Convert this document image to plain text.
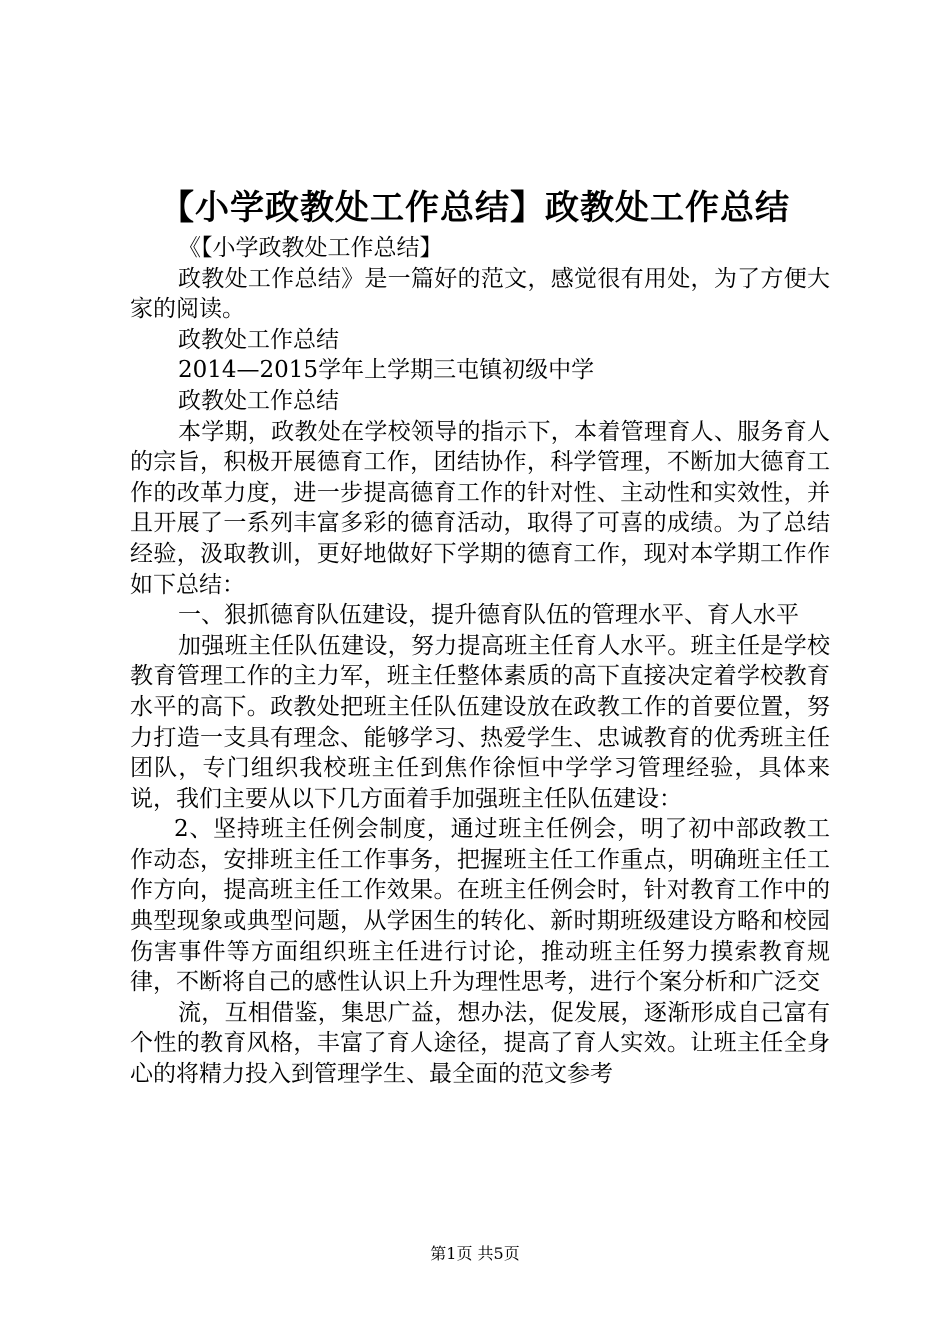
【小学政教处工作总结】政教处工作总结

《【小学政教处工作总结】

政教处工作总结》是一篇好的范文，感觉很有用处，为了方便大家的阅读。

政教处工作总结

2014—2015学年上学期三屯镇初级中学

政教处工作总结

本学期，政教处在学校领导的指示下，本着管理育人、服务育人的宗旨，积极开展德育工作，团结协作，科学管理，不断加大德育工作的改革力度，进一步提高德育工作的针对性、主动性和实效性，并且开展了一系列丰富多彩的德育活动，取得了可喜的成绩。为了总结经验，汲取教训，更好地做好下学期的德育工作，现对本学期工作作如下总结：

一、狠抓德育队伍建设，提升德育队伍的管理水平、育人水平

加强班主任队伍建设，努力提高班主任育人水平。班主任是学校教育管理工作的主力军，班主任整体素质的高下直接决定着学校教育水平的高下。政教处把班主任队伍建设放在政教工作的首要位置，努力打造一支具有理念、能够学习、热爱学生、忠诚教育的优秀班主任团队，专门组织我校班主任到焦作徐恒中学学习管理经验，具体来说，我们主要从以下几方面着手加强班主任队伍建设：

2、坚持班主任例会制度，通过班主任例会，明了初中部政教工作动态，安排班主任工作事务，把握班主任工作重点，明确班主任工作方向，提高班主任工作效果。在班主任例会时，针对教育工作中的典型现象或典型问题，从学困生的转化、新时期班级建设方略和校园伤害事件等方面组织班主任进行讨论，推动班主任努力摸索教育规律，不断将自己的感性认识上升为理性思考，进行个案分析和广泛交

流，互相借鉴，集思广益，想办法，促发展，逐渐形成自己富有个性的教育风格，丰富了育人途径，提高了育人实效。让班主任全身心的将精力投入到管理学生、最全面的范文参考

第1页 共5页
